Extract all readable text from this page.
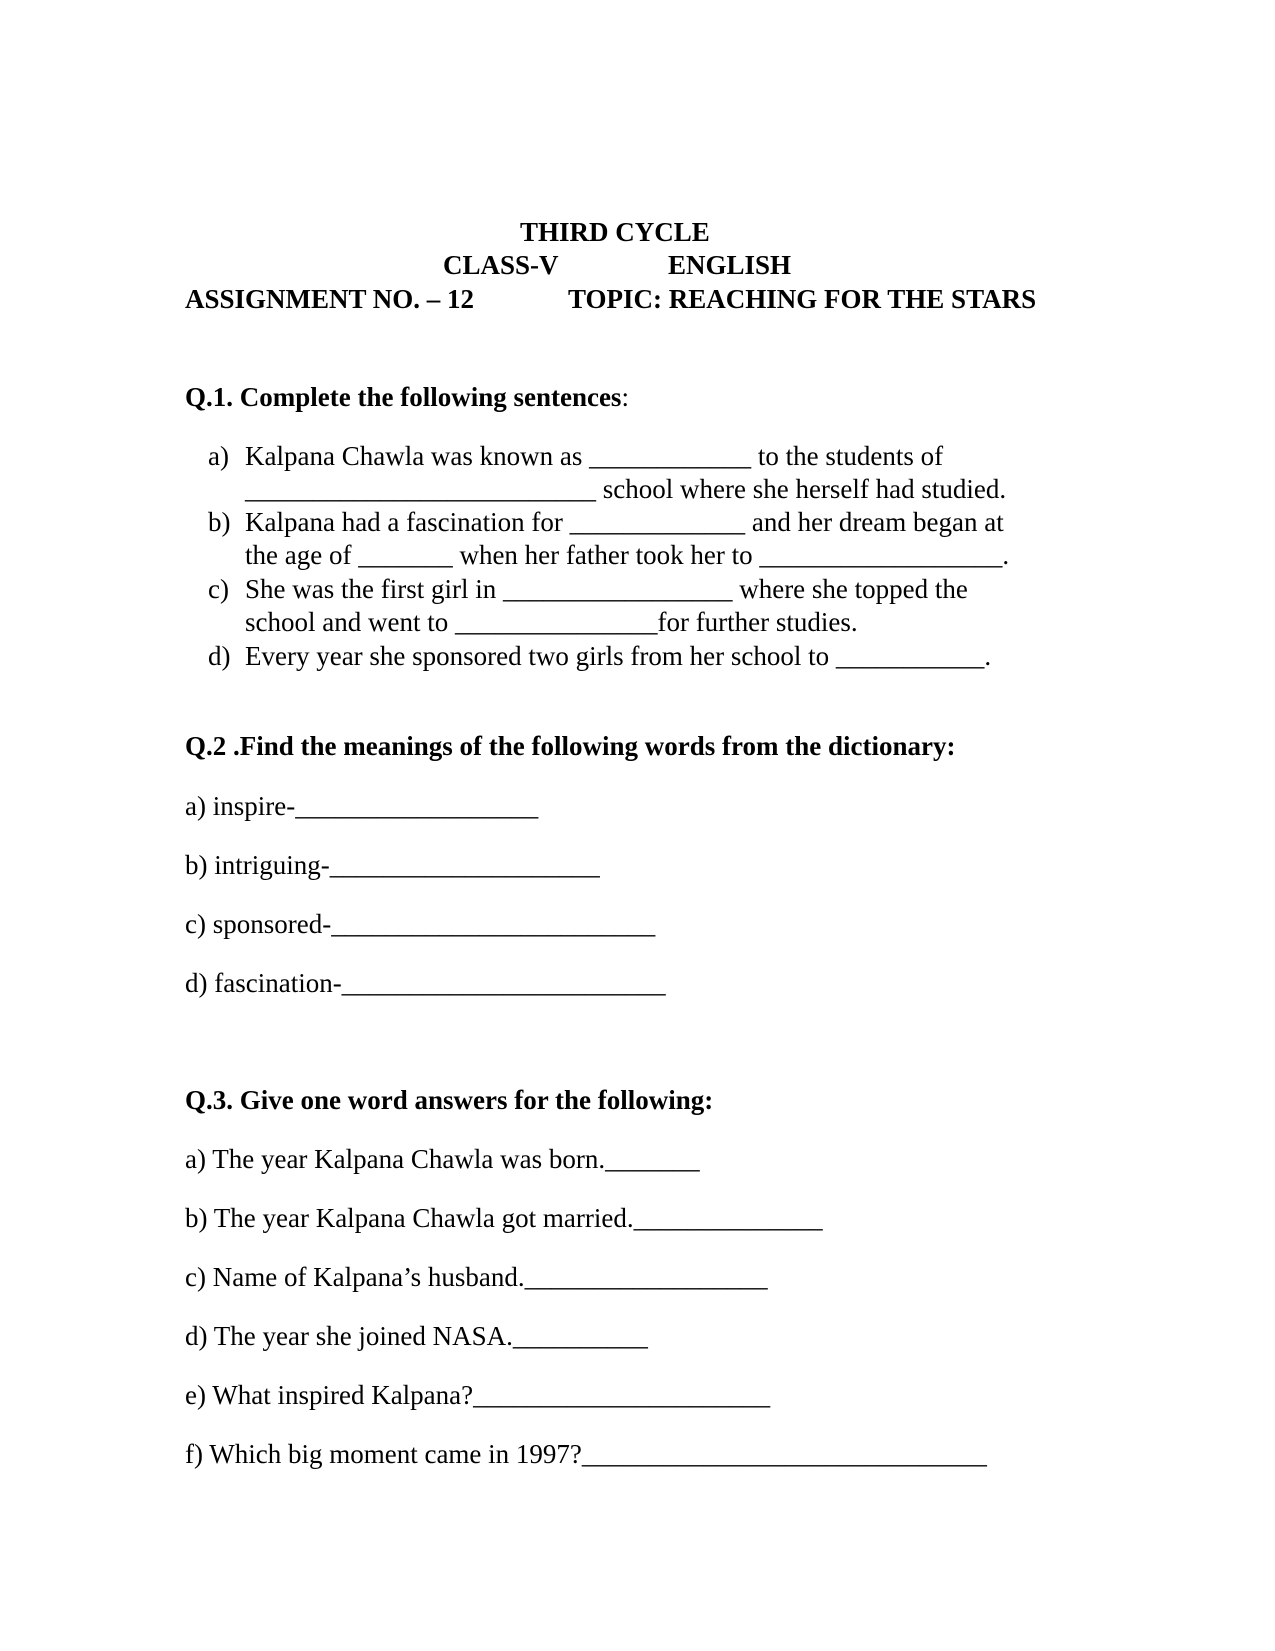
THIRD CYCLE
CLASS-V	ENGLISH
ASSIGNMENT NO. – 12	TOPIC: REACHING FOR THE STARS
Q.1. Complete the following sentences:
a) Kalpana Chawla was known as ____________ to the students of
__________________________ school where she herself had studied.
b) Kalpana had a fascination for _____________ and her dream began at
the age of _______ when her father took her to __________________.
c) She was the first girl in _________________ where she topped the
school and went to _______________for further studies.
d) Every year she sponsored two girls from her school to ___________.
Q.2 .Find the meanings of the following words from the dictionary:
a) inspire-__________________
b) intriguing-____________________
c) sponsored-________________________
d) fascination-________________________
Q.3. Give one word answers for the following:
a) The year Kalpana Chawla was born._______
b) The year Kalpana Chawla got married.______________
c) Name of Kalpana’s husband.__________________
d) The year she joined NASA.__________
e) What inspired Kalpana?______________________
f) Which big moment came in 1997?______________________________
